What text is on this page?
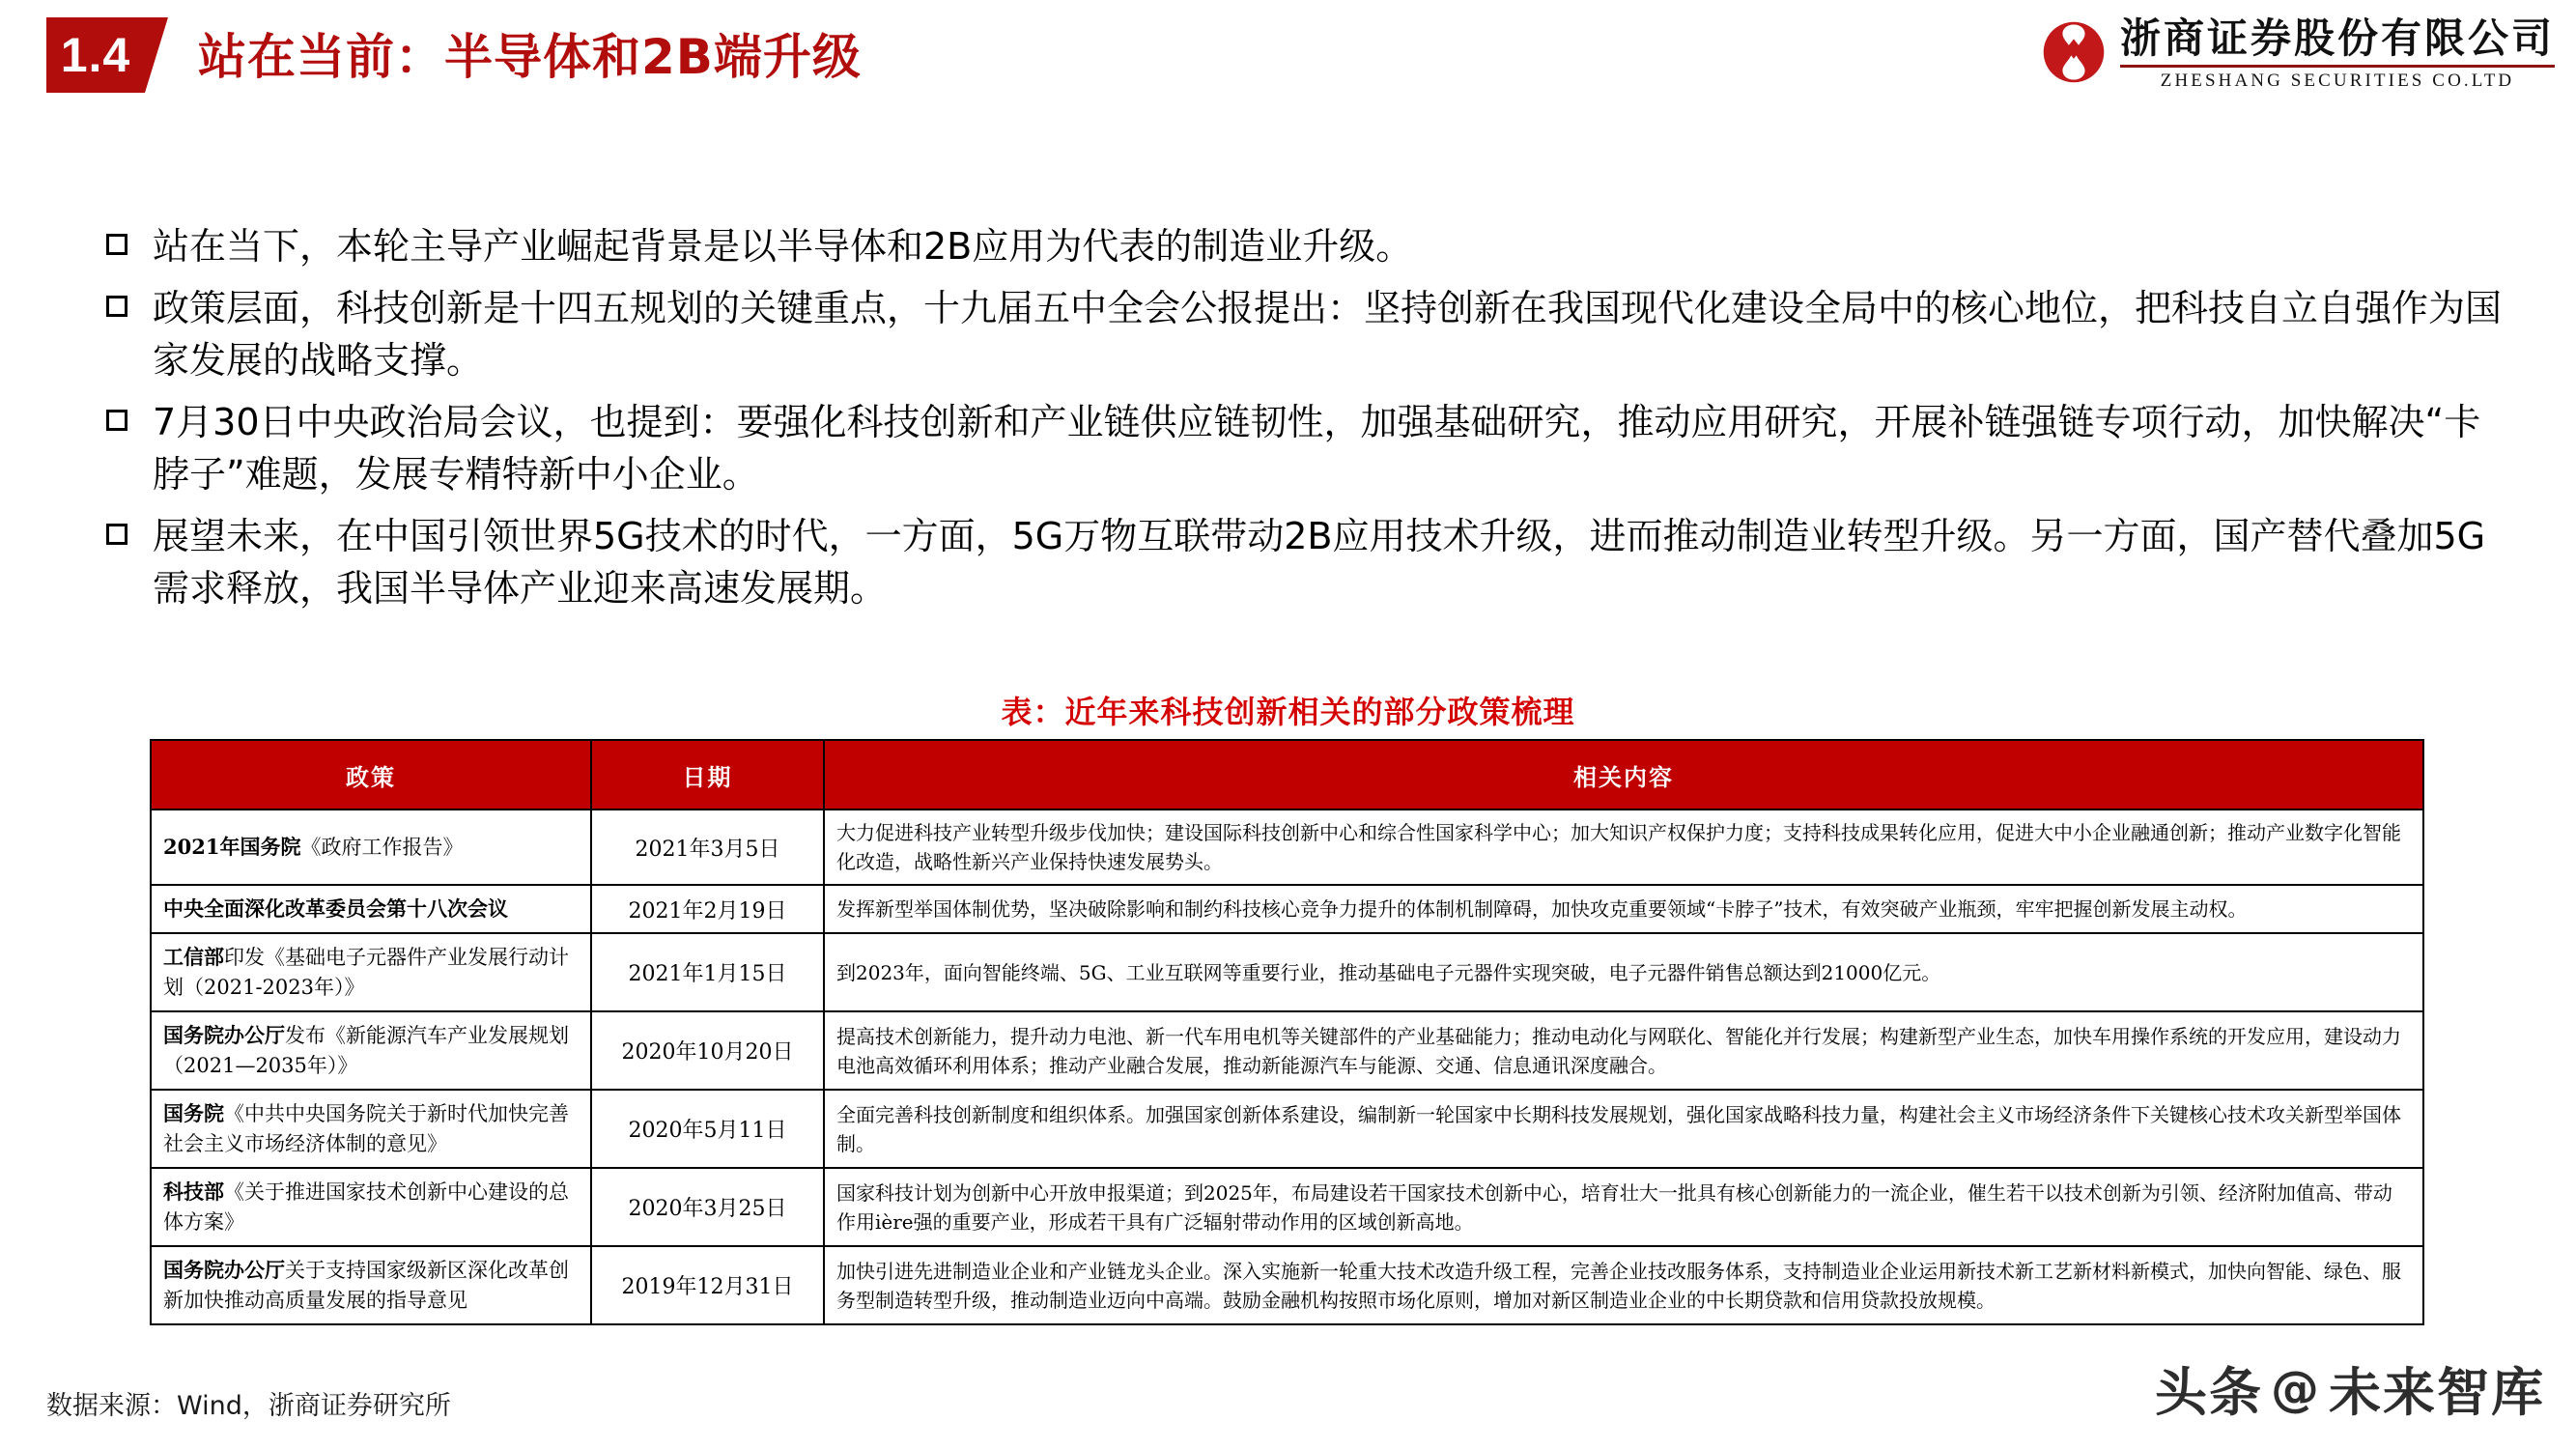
1.4 站在当前：半导体和2B端升级	浙商证券股份有限公司
ZHESHANG SECURITIES CO.LTD
站在当下，本轮主导产业崛起背景是以半导体和2B应用为代表的制造业升级。
政策层面，科技创新是十四五规划的关键重点，十九届五中全会公报提出：坚持创新在我国现代化建设全局中的核心地位，把科技自立自强作为国家发展的战略支撑。
7月30日中央政治局会议，也提到：要强化科技创新和产业链供应链韧性，加强基础研究，推动应用研究，开展补链强链专项行动，加快解决“卡脖子”难题，发展专精特新中小企业。
展望未来，在中国引领世界5G技术的时代，一方面，5G万物互联带动2B应用技术升级，进而推动制造业转型升级。另一方面，国产替代叠加5G需求释放，我国半导体产业迎来高速发展期。
表：近年来科技创新相关的部分政策梳理
政策	日期	相关内容
2021年国务院《政府工作报告》	2021年3月5日	大力促进科技产业转型升级步伐加快；建设国际科技创新中心和综合性国家科学中心；加大知识产权保护力度；支持科技成果转化应用，促进大中小企业融通创新；推动产业数字化智能化改造，战略性新兴产业保持快速发展势头。
中央全面深化改革委员会第十八次会议	2021年2月19日	发挥新型举国体制优势，坚决破除影响和制约科技核心竞争力提升的体制机制障碍，加快攻克重要领域“卡脖子”技术，有效突破产业瓶颈，牢牢把握创新发展主动权。
工信部印发《基础电子元器件产业发展行动计划（2021-2023年）》	2021年1月15日	到2023年，面向智能终端、5G、工业互联网等重要行业，推动基础电子元器件实现突破，电子元器件销售总额达到21000亿元。
国务院办公厅发布《新能源汽车产业发展规划（2021—2035年）》	2020年10月20日	提高技术创新能力，提升动力电池、新一代车用电机等关键部件的产业基础能力；推动电动化与网联化、智能化并行发展；构建新型产业生态，加快车用操作系统的开发应用，建设动力电池高效循环利用体系；推动产业融合发展，推动新能源汽车与能源、交通、信息通讯深度融合。
国务院《中共中央国务院关于新时代加快完善社会主义市场经济体制的意见》	2020年5月11日	全面完善科技创新制度和组织体系。加强国家创新体系建设，编制新一轮国家中长期科技发展规划，强化国家战略科技力量，构建社会主义市场经济条件下关键核心技术攻关新型举国体制。
科技部《关于推进国家技术创新中心建设的总体方案》	2020年3月25日	国家科技计划为创新中心开放申报渠道；到2025年，布局建设若干国家技术创新中心，培育壮大一批具有核心创新能力的一流企业，催生若干以技术创新为引领、经济附加值高、带动作用ière强的重要产业，形成若干具有广泛辐射带动作用的区域创新高地。
国务院办公厅关于支持国家级新区深化改革创新加快推动高质量发展的指导意见	2019年12月31日	加快引进先进制造业企业和产业链龙头企业。深入实施新一轮重大技术改造升级工程，完善企业技改服务体系，支持制造业企业运用新技术新工艺新材料新模式，加快向智能、绿色、服务型制造转型升级，推动制造业迈向中高端。鼓励金融机构按照市场化原则，增加对新区制造业企业的中长期贷款和信用贷款投放规模。
数据来源：Wind，浙商证券研究所	头条 @ 未来智库
